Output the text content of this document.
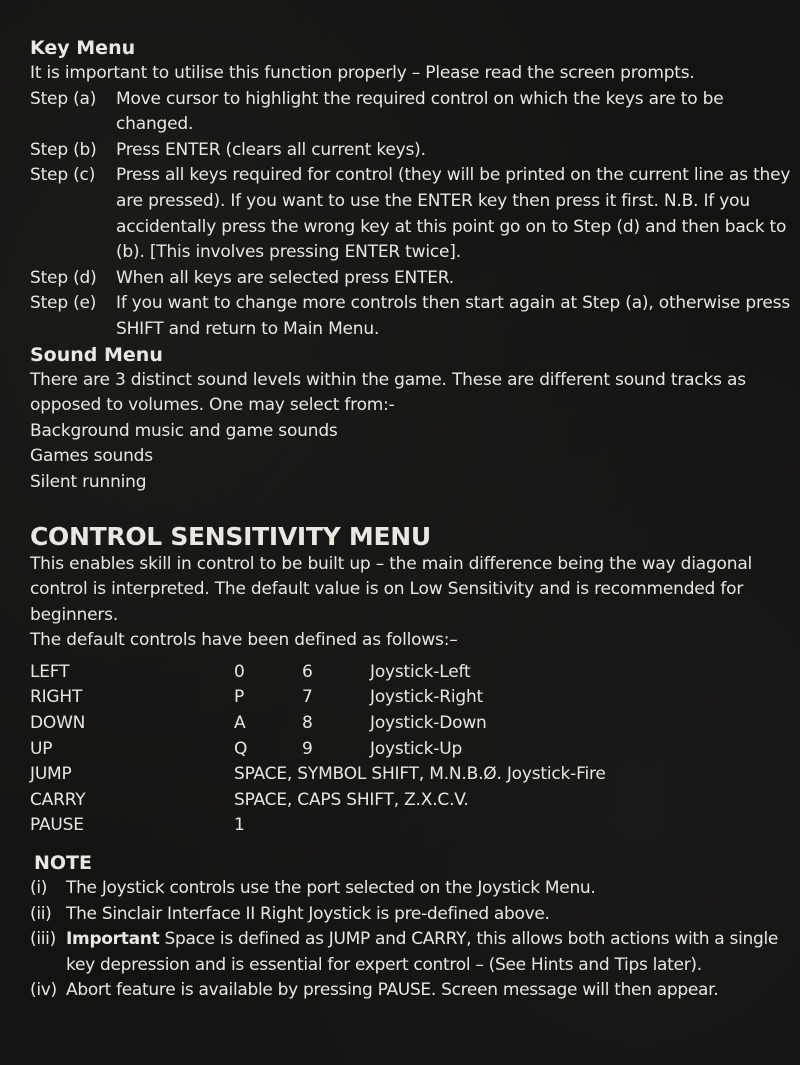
Key Menu

It is important to utilise this function properly – Please read the screen prompts.

Step (a)	Move cursor to highlight the required control on which the keys are to be changed.
Step (b)	Press ENTER (clears all current keys).
Step (c)	Press all keys required for control (they will be printed on the current line as they are pressed). If you want to use the ENTER key then press it first. N.B. If you accidentally press the wrong key at this point go on to Step (d) and then back to (b). [This involves pressing ENTER twice].
Step (d)	When all keys are selected press ENTER.
Step (e)	If you want to change more controls then start again at Step (a), otherwise press SHIFT and return to Main Menu.
Sound Menu

There are 3 distinct sound levels within the game. These are different sound tracks as opposed to volumes. One may select from:-

Background music and game sounds

Games sounds

Silent running

CONTROL SENSITIVITY MENU

This enables skill in control to be built up – the main difference being the way diagonal control is interpreted. The default value is on Low Sensitivity and is recommended for beginners.

The default controls have been defined as follows:–

LEFT	0	6	Joystick-Left
RIGHT	P	7	Joystick-Right
DOWN	A	8	Joystick-Down
UP	Q	9	Joystick-Up
JUMP	SPACE, SYMBOL SHIFT, M.N.B.Ø. Joystick-Fire
CARRY	SPACE, CAPS SHIFT, Z.X.C.V.
PAUSE	1
NOTE
(i)	The Joystick controls use the port selected on the Joystick Menu.
(ii) The Sinclair Interface II Right Joystick is pre-defined above.
(iii) Important Space is defined as JUMP and CARRY, this allows both actions with a single key depression and is essential for expert control – (See Hints and Tips later).
(iv) Abort feature is available by pressing PAUSE. Screen message will then appear.
